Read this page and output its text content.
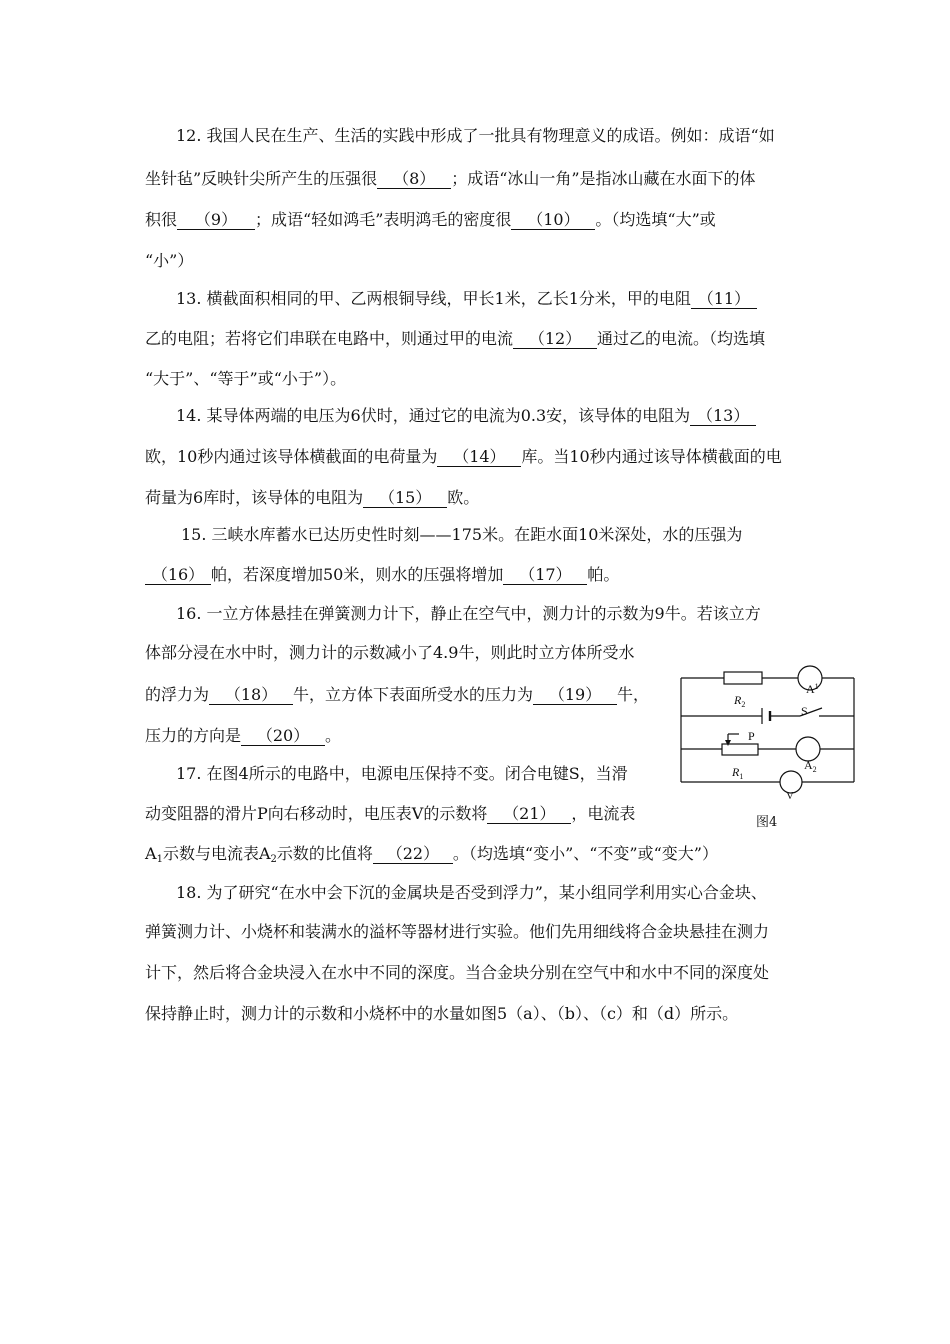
12. 我国人民在生产、生活的实践中形成了一批具有物理意义的成语。例如：成语“如
坐针毡”反映针尖所产生的压强很 （8） ；成语“冰山一角”是指冰山藏在水面下的体
积很 （9） ；成语“轻如鸿毛”表明鸿毛的密度很 （10） 。（均选填“大”或
“小”）
13. 横截面积相同的甲、乙两根铜导线，甲长1米，乙长1分米，甲的电阻 （11）
乙的电阻；若将它们串联在电路中，则通过甲的电流 （12） 通过乙的电流。（均选填
“大于”、“等于”或“小于”）。
14. 某导体两端的电压为6伏时，通过它的电流为0.3安，该导体的电阻为 （13）
欧，10秒内通过该导体横截面的电荷量为 （14） 库。当10秒内通过该导体横截面的电
荷量为6库时，该导体的电阻为 （15） 欧。
15. 三峡水库蓄水已达历史性时刻——175米。在距水面10米深处，水的压强为
（16） 帕，若深度增加50米，则水的压强将增加 （17） 帕。
16. 一立方体悬挂在弹簧测力计下，静止在空气中，测力计的示数为9牛。若该立方
体部分浸在水中时，测力计的示数减小了4.9牛，则此时立方体所受水
的浮力为 （18） 牛，立方体下表面所受水的压力为 （19） 牛，
压力的方向是 （20） 。
17. 在图4所示的电路中，电源电压保持不变。闭合电键S，当滑
动变阻器的滑片P向右移动时，电压表V的示数将 （21） ，电流表
$A_1$示数与电流表$A_2$示数的比值将 （22） 。（均选填“变小”、“不变”或“变大”）
18. 为了研究“在水中会下沉的金属块是否受到浮力”，某小组同学利用实心合金块、
弹簧测力计、小烧杯和装满水的溢杯等器材进行实验。他们先用细线将合金块悬挂在测力
计下，然后将合金块浸入在水中不同的深度。当合金块分别在空气中和水中不同的深度处
保持静止时，测力计的示数和小烧杯中的水量如图5（a）、（b）、（c）和（d）所示。
$R_2$
$A^1$
S
P
$A_2$
$R_1$
V
图4
